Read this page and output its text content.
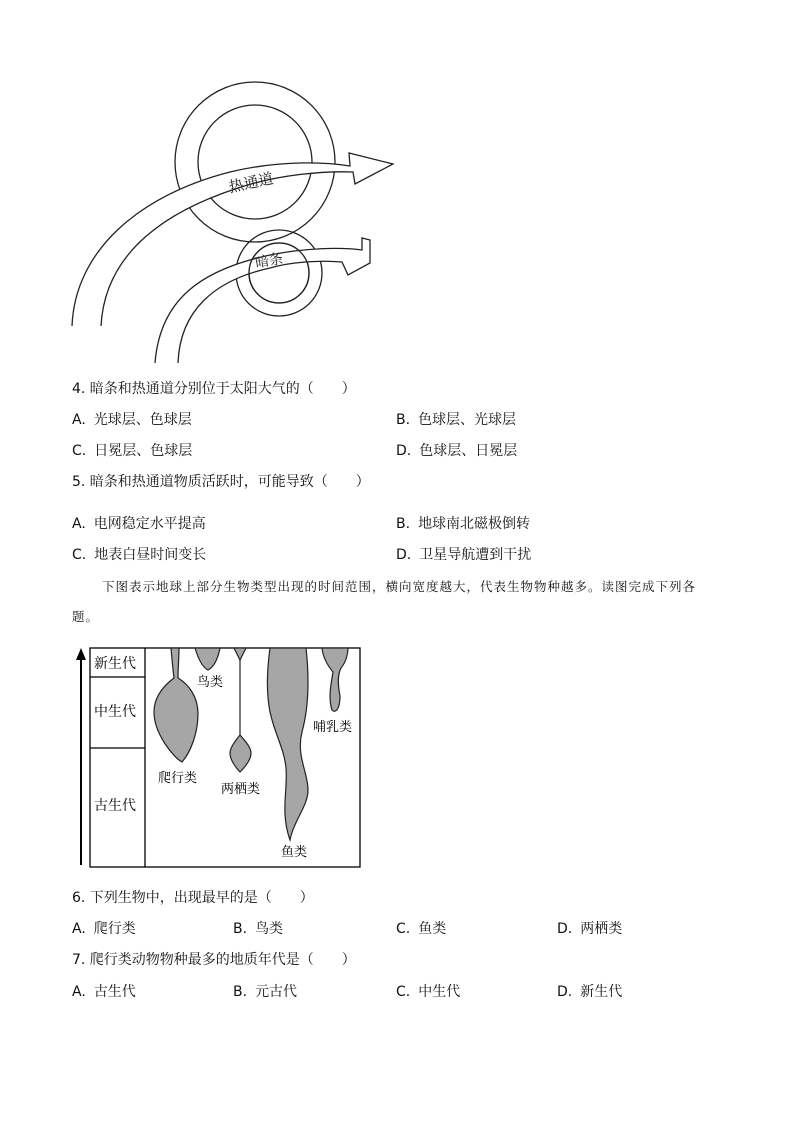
热通道
暗条
4. 暗条和热通道分别位于太阳大气的（　　）
A. 光球层、色球层	B. 色球层、光球层
C. 日冕层、色球层	D. 色球层、日冕层
5. 暗条和热通道物质活跃时，可能导致（　　）
A. 电网稳定水平提高	B. 地球南北磁极倒转
C. 地表白昼时间变长	D. 卫星导航遭到干扰
下图表示地球上部分生物类型出现的时间范围，横向宽度越大，代表生物物种越多。读图完成下列各
题。
新生代
中生代
古生代
鸟类
哺乳类
爬行类
两栖类
鱼类
6. 下列生物中，出现最早的是（　　）
A. 爬行类	B. 鸟类	C. 鱼类	D. 两栖类
7. 爬行类动物物种最多的地质年代是（　　）
A. 古生代	B. 元古代	C. 中生代	D. 新生代
